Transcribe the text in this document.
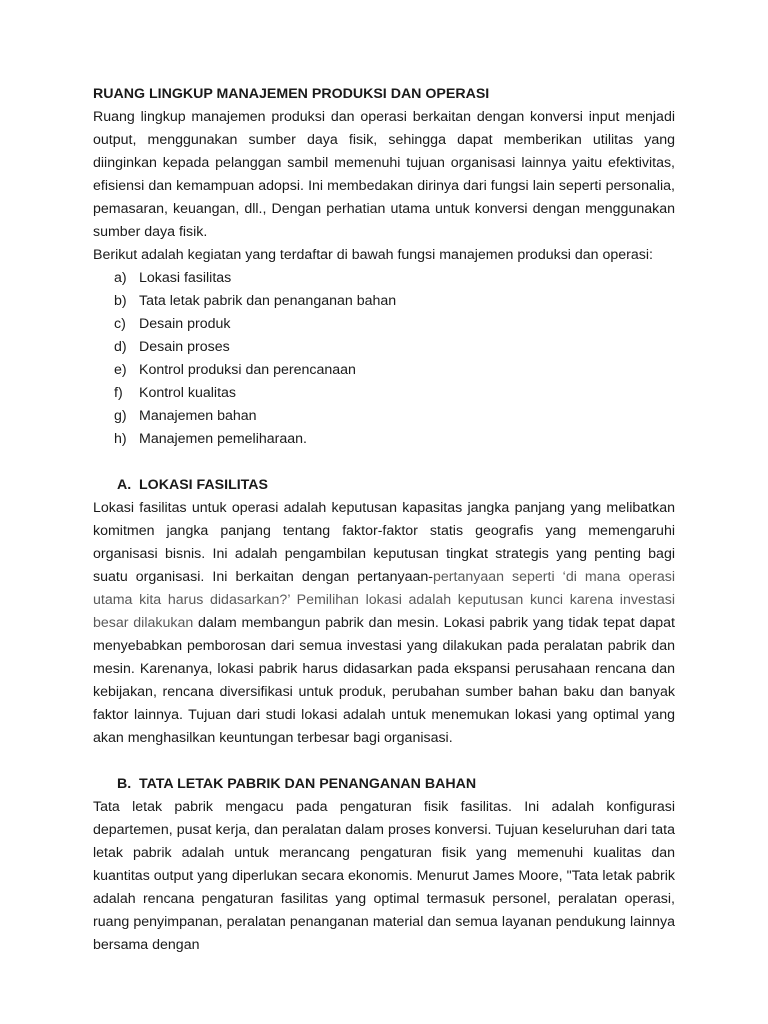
RUANG LINGKUP MANAJEMEN PRODUKSI DAN OPERASI

Ruang lingkup manajemen produksi dan operasi berkaitan dengan konversi input menjadi output, menggunakan sumber daya fisik, sehingga dapat memberikan utilitas yang diinginkan kepada pelanggan sambil memenuhi tujuan organisasi lainnya yaitu efektivitas, efisiensi dan kemampuan adopsi. Ini membedakan dirinya dari fungsi lain seperti personalia, pemasaran, keuangan, dll., Dengan perhatian utama untuk konversi dengan menggunakan sumber daya fisik.

Berikut adalah kegiatan yang terdaftar di bawah fungsi manajemen produksi dan operasi:

a) Lokasi fasilitas
b) Tata letak pabrik dan penanganan bahan
c) Desain produk
d) Desain proses
e) Kontrol produksi dan perencanaan
f)	Kontrol kualitas
g) Manajemen bahan
h) Manajemen pemeliharaan.
A. LOKASI FASILITAS

Lokasi fasilitas untuk operasi adalah keputusan kapasitas jangka panjang yang melibatkan komitmen jangka panjang tentang faktor-faktor statis geografis yang memengaruhi organisasi bisnis. Ini adalah pengambilan keputusan tingkat strategis yang penting bagi suatu organisasi. Ini berkaitan dengan pertanyaan-pertanyaan seperti ‘di mana operasi utama kita harus didasarkan?’ Pemilihan lokasi adalah keputusan kunci karena investasi besar dilakukan dalam membangun pabrik dan mesin. Lokasi pabrik yang tidak tepat dapat menyebabkan pemborosan dari semua investasi yang dilakukan pada peralatan pabrik dan mesin. Karenanya, lokasi pabrik harus didasarkan pada ekspansi perusahaan rencana dan kebijakan, rencana diversifikasi untuk produk, perubahan sumber bahan baku dan banyak faktor lainnya. Tujuan dari studi lokasi adalah untuk menemukan lokasi yang optimal yang akan menghasilkan keuntungan terbesar bagi organisasi.

B. TATA LETAK PABRIK DAN PENANGANAN BAHAN

Tata letak pabrik mengacu pada pengaturan fisik fasilitas. Ini adalah konfigurasi departemen, pusat kerja, dan peralatan dalam proses konversi. Tujuan keseluruhan dari tata letak pabrik adalah untuk merancang pengaturan fisik yang memenuhi kualitas dan kuantitas output yang diperlukan secara ekonomis. Menurut James Moore, "Tata letak pabrik adalah rencana pengaturan fasilitas yang optimal termasuk personel, peralatan operasi, ruang penyimpanan, peralatan penanganan material dan semua layanan pendukung lainnya bersama dengan
